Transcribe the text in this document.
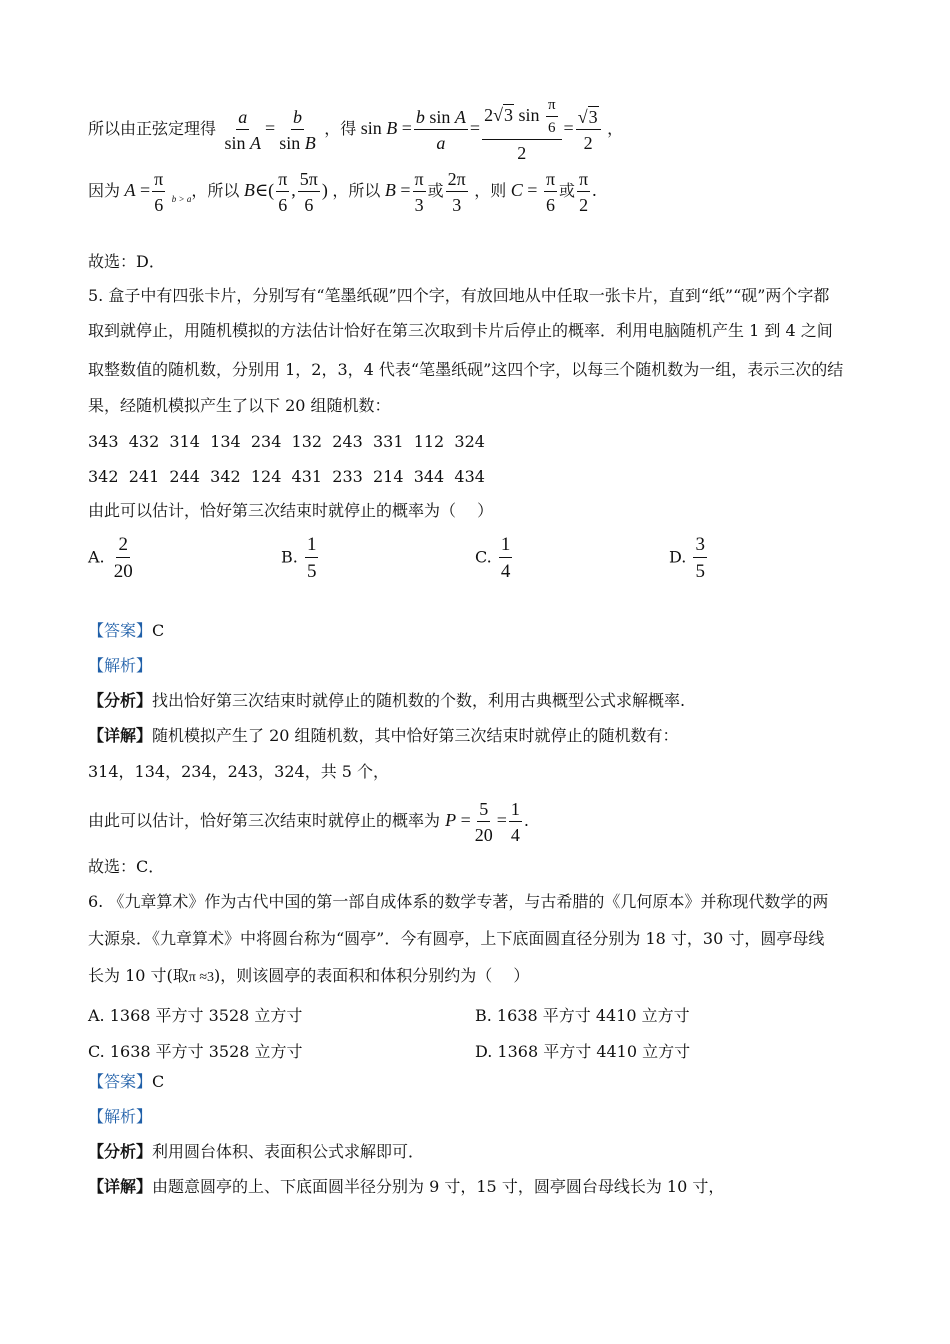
所以由正弦定理得 $\frac{a}{\text{sin A}} = \frac{b}{\text{sin B}}$ ，得 $\sin B = \frac{\text{b sin A}}{a} = \frac{2√3 \sin \frac{\pi}{6}}{2} = \frac{√3}{2}$ ，
因为 $A = \frac{\pi}{6} _{b > a}$，所以 B∈( $\frac{\pi}{6}$ , $\frac{5\pi}{6}$ ) ，所以 $B = \frac{\pi}{3}$ 或 $\frac{2\pi}{3}$ ，则 $C = \frac{\pi}{6}$ 或 $\frac{\pi}{2}$ .
故选：D．
5. 盒子中有四张卡片，分别写有“笔墨纸砚”四个字，有放回地从中任取一张卡片，直到“纸”“砚”两个字都
取到就停止，用随机模拟的方法估计恰好在第三次取到卡片后停止的概率．利用电脑随机产生 1 到 4 之间
取整数值的随机数，分别用 1，2，3，4 代表“笔墨纸砚”这四个字，以每三个随机数为一组，表示三次的结
果，经随机模拟产生了以下 20 组随机数：
343  432  314  134  234  132  243  331  112  324
342  241  244  342  124  431  233  214  344  434
由此可以估计，恰好第三次结束时就停止的概率为（　 ）
A. $\frac{2}{20}$	B. $\frac{1}{5}$	C. $\frac{1}{4}$	D. $\frac{3}{5}$
【答案】C
【解析】
【分析】找出恰好第三次结束时就停止的随机数的个数，利用古典概型公式求解概率.
【详解】随机模拟产生了 20 组随机数，其中恰好第三次结束时就停止的随机数有：
314，134，234，243，324，共 5 个，
由此可以估计，恰好第三次结束时就停止的概率为 $P = \frac{5}{20} = \frac{1}{4}$ .
故选：C．
6. 《九章算术》作为古代中国的第一部自成体系的数学专著，与古希腊的《几何原本》并称现代数学的两
大源泉．《九章算术》中将圆台称为“圆亭”．今有圆亭，上下底面圆直径分别为 18 寸，30 寸，圆亭母线
长为 10 寸(取π ≈3)，则该圆亭的表面积和体积分别约为（　 ）
A. 1368 平方寸 3528 立方寸	B. 1638 平方寸 4410 立方寸
C. 1638 平方寸 3528 立方寸	D. 1368 平方寸 4410 立方寸
【答案】C
【解析】
【分析】利用圆台体积、表面积公式求解即可．
【详解】由题意圆亭的上、下底面圆半径分别为 9 寸，15 寸，圆亭圆台母线长为 10 寸，
